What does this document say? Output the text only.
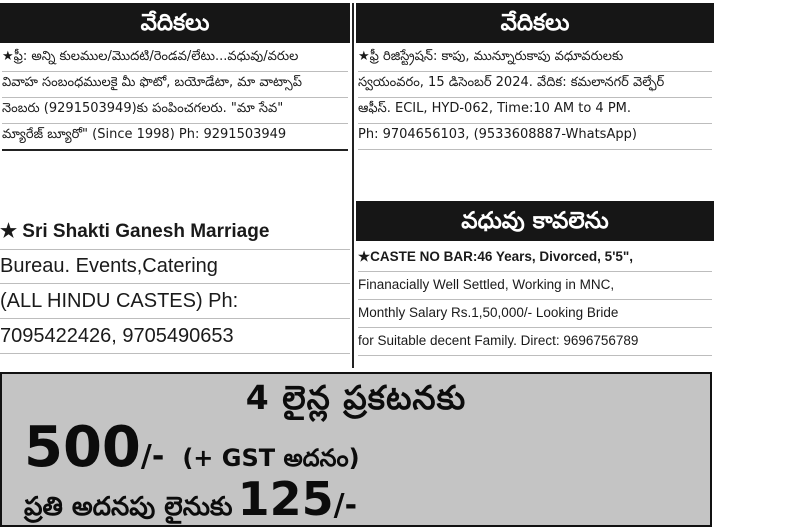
వేదికలు
★ఫ్రీ: అన్ని కులముల/మొదటి/రెండవ/లేటు...వధువు/వరుల
వివాహ సంబంధములకై మీ ఫొటో, బయోడేటా, మా వాట్సాప్
నెంబరు (9291503949)కు పంపించగలరు. "మా సేవ"
మ్యారేజ్ బ్యూరో" (Since 1998) Ph: 9291503949
★ Sri Shakti Ganesh Marriage
Bureau. Events,Catering
(ALL HINDU CASTES) Ph:
7095422426, 9705490653
వేదికలు
★ఫ్రీ రిజిస్ట్రేషన్: కాపు, మున్నూరుకాపు వధూవరులకు
స్వయంవరం, 15 డిసెంబర్ 2024. వేదిక: కమలానగర్ వెల్ఫేర్
ఆఫీస్. ECIL, HYD-062, Time:10 AM to 4 PM.
Ph: 9704656103, (9533608887-WhatsApp)
వధువు కావలెను
★CASTE NO BAR:46 Years, Divorced, 5'5",
Finanacially Well Settled, Working in MNC,
Monthly Salary Rs.1,50,000/- Looking Bride
for Suitable decent Family. Direct: 9696756789
4 లైన్ల ప్రకటనకు
500/- (+ GST అదనం)
ప్రతి అదనపు లైనుకు 125/-
